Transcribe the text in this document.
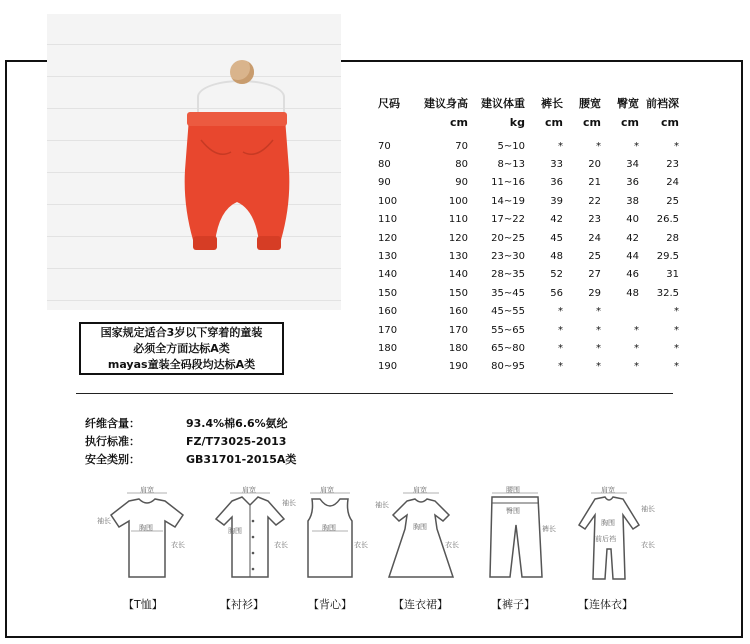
国家规定适合3岁以下穿着的童装
必须全方面达标A类
mayas童装全码段均达标A类
尺码	建议身高	建议体重	裤长	腰宽	臀宽	前裆深
	cm	kg	cm	cm	cm	cm

70	70	5~10	*	*	*	*
80	80	8~13	33	20	34	23
90	90	11~16	36	21	36	24
100	100	14~19	39	22	38	25
110	110	17~22	42	23	40	26.5
120	120	20~25	45	24	42	28
130	130	23~30	48	25	44	29.5
140	140	28~35	52	27	46	31
150	150	35~45	56	29	48	32.5
160	160	45~55	*	*		*
170	170	55~65	*	*	*	*
180	180	65~80	*	*	*	*
190	190	80~95	*	*	*	*
纤维含量：	93.4%棉6.6%氨纶
执行标准：	FZ/T73025-2013
安全类别：	GB31701-2015A类
肩宽
袖长
胸围
衣长
肩宽
袖长
胸围
衣长
肩宽
胸围
衣长
肩宽
袖长
胸围
衣长
腰围
臀围
裤长
肩宽
袖长
胸围
前后裆
衣长
【T恤】	【衬衫】	【背心】	【连衣裙】	【裤子】	【连体衣】
